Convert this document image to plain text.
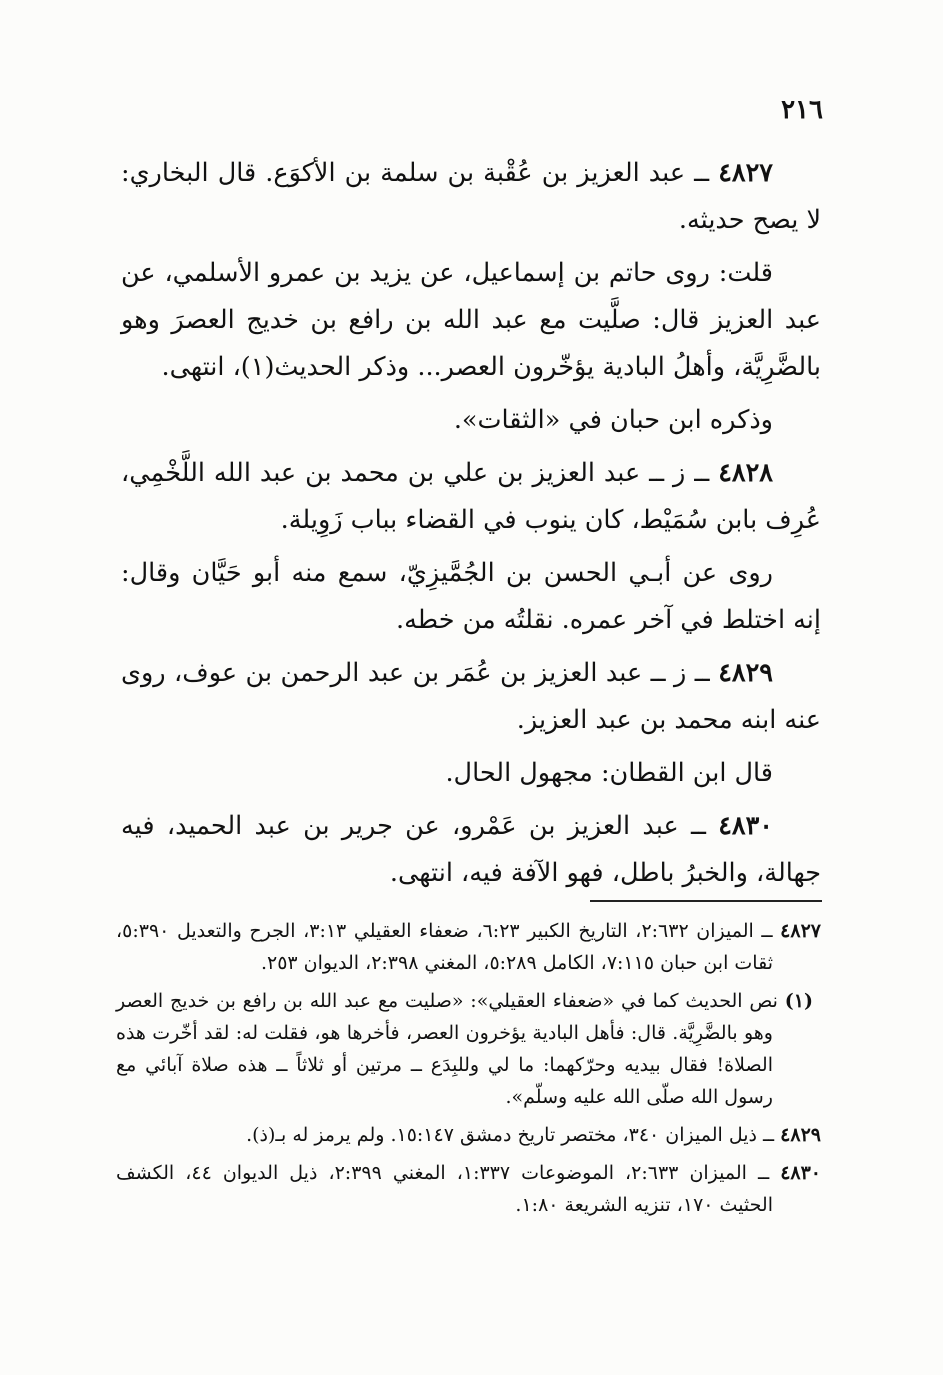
٢١٦

٤٨٢٧ ــ عبد العزيز بن عُقْبة بن سلمة بن الأكوَع. قال البخاري: لا يصح حديثه.

قلت: روى حاتم بن إسماعيل، عن يزيد بن عمرو الأسلمي، عن عبد العزيز قال: صلَّيت مع عبد الله بن رافع بن خديج العصرَ وهو بالضَّرِيَّة، وأهلُ البادية يؤخّرون العصر... وذكر الحديث(١)، انتهى.

وذكره ابن حبان في «الثقات».

٤٨٢٨ ــ ز ــ عبد العزيز بن علي بن محمد بن عبد الله اللَّخْمِي، عُرِف بابن سُمَيْط، كان ينوب في القضاء بباب زَوِيلة.

روى عن أبـي الحسن بن الجُمَّيزِيّ، سمع منه أبو حَيَّان وقال: إنه اختلط في آخر عمره. نقلتُه من خطه.

٤٨٢٩ ــ ز ــ عبد العزيز بن عُمَر بن عبد الرحمن بن عوف، روى عنه ابنه محمد بن عبد العزيز.

قال ابن القطان: مجهول الحال.

٤٨٣٠ ــ عبد العزيز بن عَمْرو، عن جرير بن عبد الحميد، فيه جهالة، والخبرُ باطل، فهو الآفة فيه، انتهى.

٤٨٢٧ ــ الميزان ٢:٦٣٢، التاريخ الكبير ٦:٢٣، ضعفاء العقيلي ٣:١٣، الجرح والتعديل ٥:٣٩٠، ثقات ابن حبان ٧:١١٥، الكامل ٥:٢٨٩، المغني ٢:٣٩٨، الديوان ٢٥٣.

(١) نص الحديث كما في «ضعفاء العقيلي»: «صليت مع عبد الله بن رافع بن خديج العصر وهو بالضَّرِيَّة. قال: فأهل البادية يؤخرون العصر، فأخرها هو، فقلت له: لقد أخّرت هذه الصلاة! فقال بيديه وحرّكهما: ما لي وللبِدَع ــ مرتين أو ثلاثاً ــ هذه صلاة آبائي مع رسول الله صلّى الله عليه وسلّم».

٤٨٢٩ ــ ذيل الميزان ٣٤٠، مختصر تاريخ دمشق ١٥:١٤٧. ولم يرمز له بـ(ذ).

٤٨٣٠ ــ الميزان ٢:٦٣٣، الموضوعات ١:٣٣٧، المغني ٢:٣٩٩، ذيل الديوان ٤٤، الكشف الحثيث ١٧٠، تنزيه الشريعة ١:٨٠.
